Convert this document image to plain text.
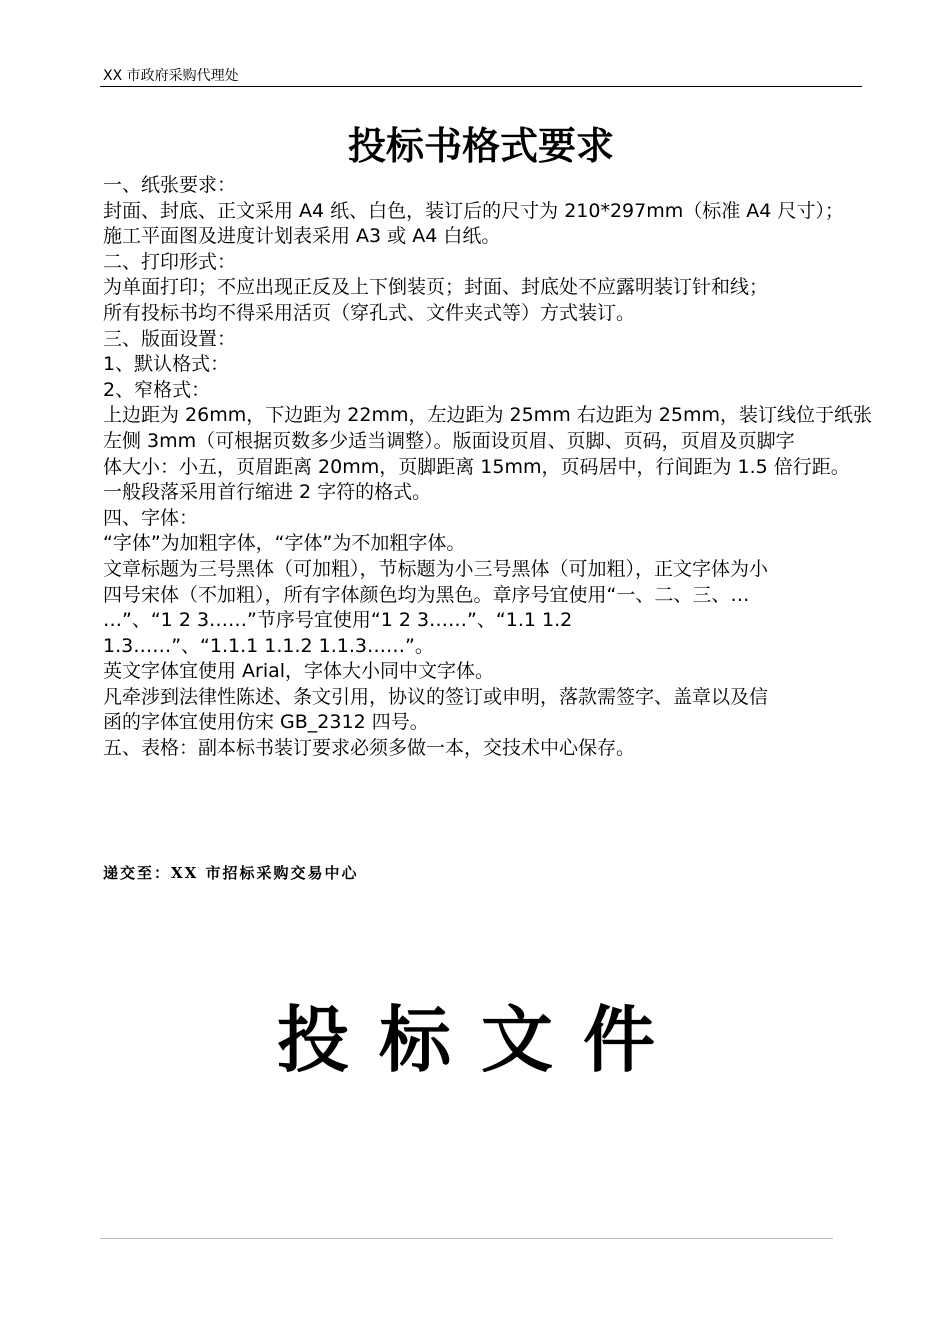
XX 市政府采购代理处
投标书格式要求

一、纸张要求：

封面、封底、正文采用 A4 纸、白色，装订后的尺寸为 210*297mm（标准 A4 尺寸）；

施工平面图及进度计划表采用 A3 或 A4 白纸。

二、打印形式：

为单面打印；不应出现正反及上下倒装页；封面、封底处不应露明装订针和线；

所有投标书均不得采用活页（穿孔式、文件夹式等）方式装订。

三、版面设置：

1、默认格式：

2、窄格式：

上边距为 26mm，下边距为 22mm，左边距为 25mm 右边距为 25mm，装订线位于纸张

左侧 3mm（可根据页数多少适当调整）。版面设页眉、页脚、页码，页眉及页脚字

体大小：小五，页眉距离 20mm，页脚距离 15mm，页码居中，行间距为 1.5 倍行距。

一般段落采用首行缩进 2 字符的格式。

四、字体：

“字体”为加粗字体，“字体”为不加粗字体。

文章标题为三号黑体（可加粗），节标题为小三号黑体（可加粗），正文字体为小

四号宋体（不加粗），所有字体颜色均为黑色。章序号宜使用“一、二、三、…

…”、“1 2 3……”节序号宜使用“1 2 3……”、“1.1 1.2

1.3……”、“1.1.1 1.1.2 1.1.3……”。

英文字体宜使用 Arial，字体大小同中文字体。

凡牵涉到法律性陈述、条文引用，协议的签订或申明，落款需签字、盖章以及信

函的字体宜使用仿宋 GB_2312 四号。

五、表格：副本标书装订要求必须多做一本，交技术中心保存。

递交至：XX 市招标采购交易中心
投标文件
